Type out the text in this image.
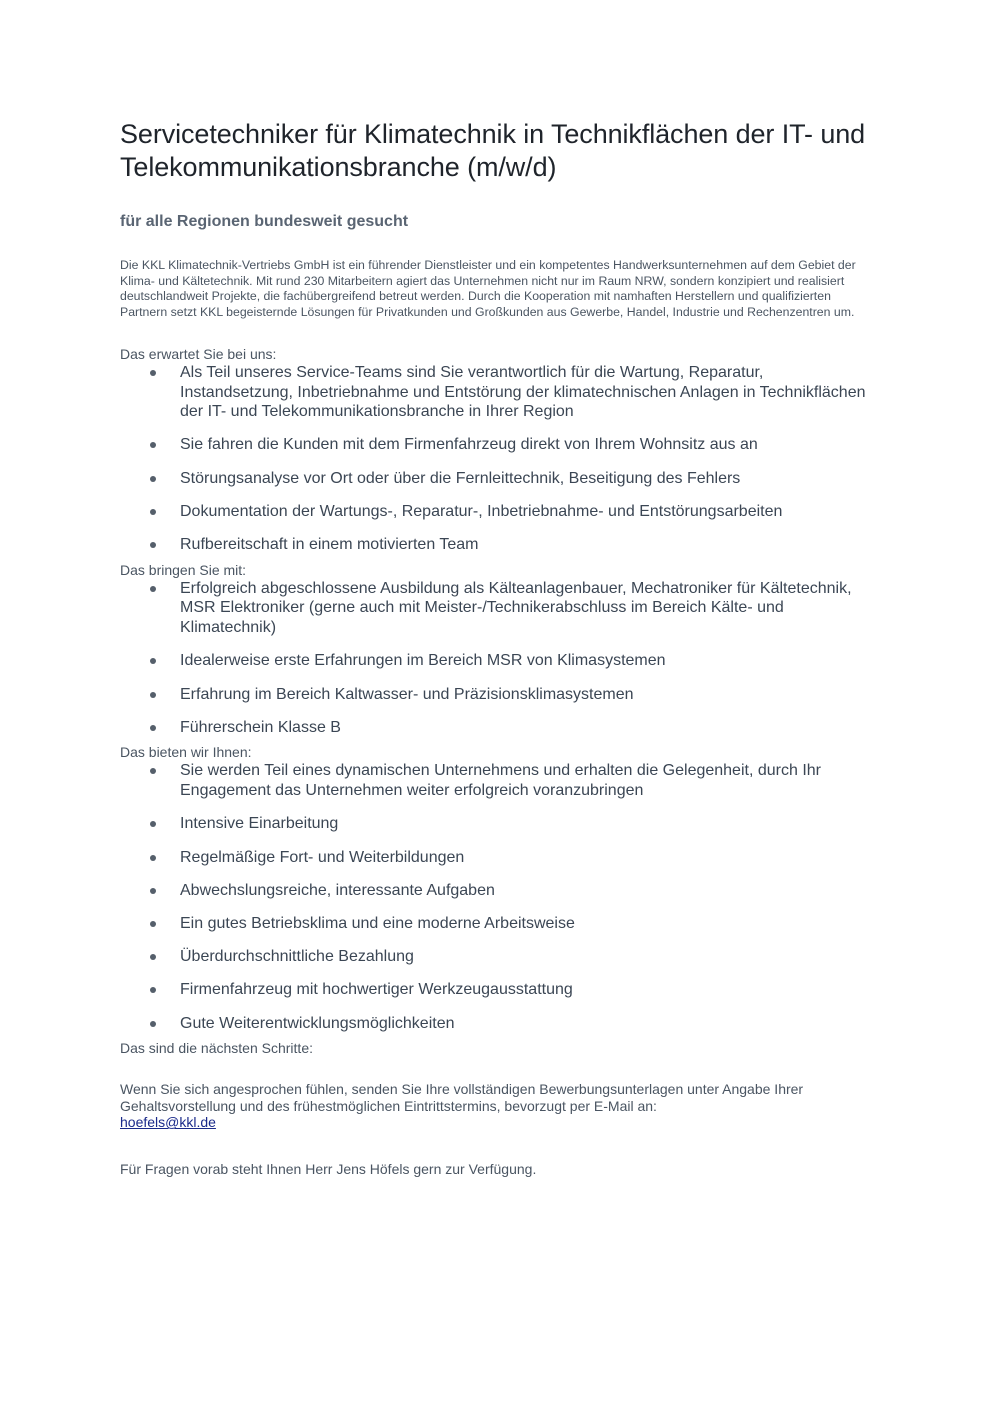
Servicetechniker für Klimatechnik in Technikflächen der IT- und Telekommunikationsbranche (m/w/d)
für alle Regionen bundesweit gesucht

Die KKL Klimatechnik-Vertriebs GmbH ist ein führender Dienstleister und ein kompetentes Handwerksunternehmen auf dem Gebiet der Klima- und Kältetechnik. Mit rund 230 Mitarbeitern agiert das Unternehmen nicht nur im Raum NRW, sondern konzipiert und realisiert deutschlandweit Projekte, die fachübergreifend betreut werden. Durch die Kooperation mit namhaften Herstellern und qualifizierten Partnern setzt KKL begeisternde Lösungen für Privatkunden und Großkunden aus Gewerbe, Handel, Industrie und Rechenzentren um.

Das erwartet Sie bei uns:
Als Teil unseres Service-Teams sind Sie verantwortlich für die Wartung, Reparatur, Instandsetzung, Inbetriebnahme und Entstörung der klimatechnischen Anlagen in Technikflächen der IT- und Telekommunikationsbranche in Ihrer Region
Sie fahren die Kunden mit dem Firmenfahrzeug direkt von Ihrem Wohnsitz aus an
Störungsanalyse vor Ort oder über die Fernleittechnik, Beseitigung des Fehlers
Dokumentation der Wartungs-, Reparatur-, Inbetriebnahme- und Entstörungsarbeiten
Rufbereitschaft in einem motivierten Team
Das bringen Sie mit:
Erfolgreich abgeschlossene Ausbildung als Kälteanlagenbauer, Mechatroniker für Kältetechnik, MSR Elektroniker (gerne auch mit Meister-/Technikerabschluss im Bereich Kälte- und Klimatechnik)
Idealerweise erste Erfahrungen im Bereich MSR von Klimasystemen
Erfahrung im Bereich Kaltwasser- und Präzisionsklimasystemen
Führerschein Klasse B
Das bieten wir Ihnen:
Sie werden Teil eines dynamischen Unternehmens und erhalten die Gelegenheit, durch Ihr Engagement das Unternehmen weiter erfolgreich voranzubringen
Intensive Einarbeitung
Regelmäßige Fort- und Weiterbildungen
Abwechslungsreiche, interessante Aufgaben
Ein gutes Betriebsklima und eine moderne Arbeitsweise
Überdurchschnittliche Bezahlung
Firmenfahrzeug mit hochwertiger Werkzeugausstattung
Gute Weiterentwicklungsmöglichkeiten
Das sind die nächsten Schritte:

Wenn Sie sich angesprochen fühlen, senden Sie Ihre vollständigen Bewerbungsunterlagen unter Angabe Ihrer Gehaltsvorstellung und des frühestmöglichen Eintrittstermins, bevorzugt per E-Mail an:
hoefels@kkl.de

Für Fragen vorab steht Ihnen Herr Jens Höfels gern zur Verfügung.
